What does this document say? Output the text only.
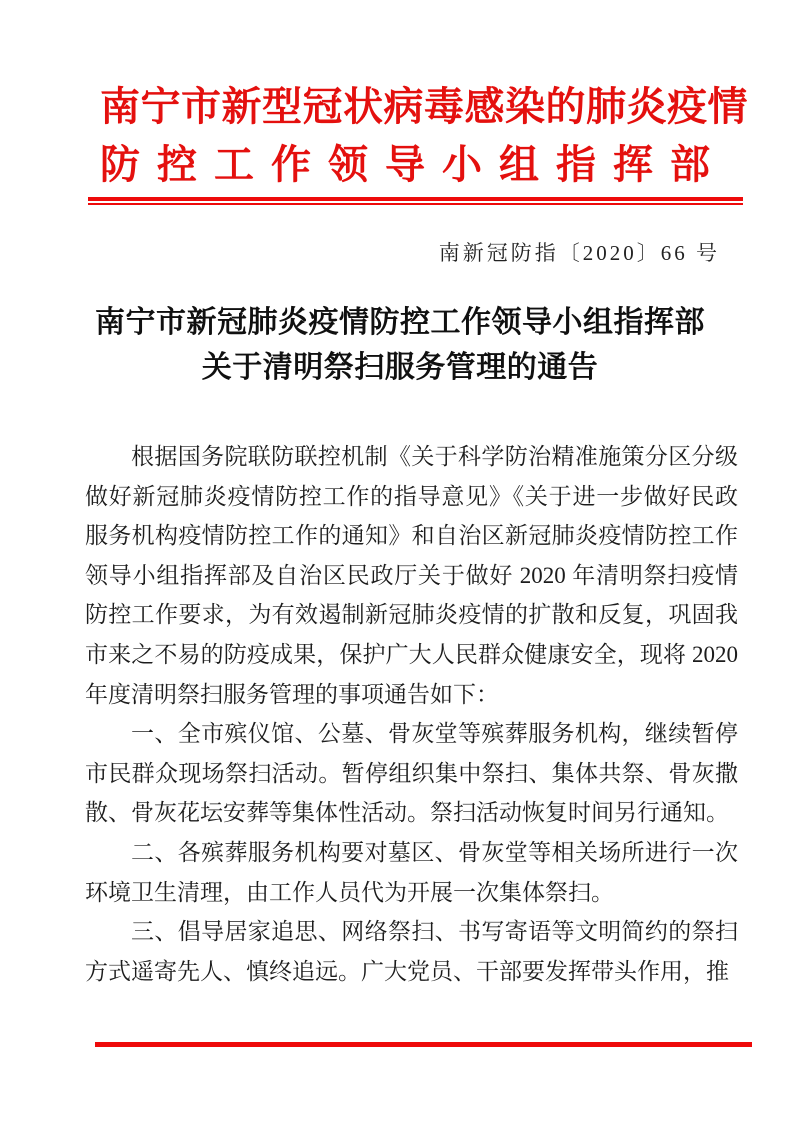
南宁市新型冠状病毒感染的肺炎疫情
防控工作领导小组指挥部
南新冠防指〔2020〕66 号
南宁市新冠肺炎疫情防控工作领导小组指挥部
关于清明祭扫服务管理的通告

根据国务院联防联控机制《关于科学防治精准施策分区分级做好新冠肺炎疫情防控工作的指导意见》《关于进一步做好民政服务机构疫情防控工作的通知》和自治区新冠肺炎疫情防控工作领导小组指挥部及自治区民政厅关于做好 2020 年清明祭扫疫情防控工作要求，为有效遏制新冠肺炎疫情的扩散和反复，巩固我市来之不易的防疫成果，保护广大人民群众健康安全，现将 2020 年度清明祭扫服务管理的事项通告如下：

一、全市殡仪馆、公墓、骨灰堂等殡葬服务机构，继续暂停市民群众现场祭扫活动。暂停组织集中祭扫、集体共祭、骨灰撒散、骨灰花坛安葬等集体性活动。祭扫活动恢复时间另行通知。

二、各殡葬服务机构要对墓区、骨灰堂等相关场所进行一次环境卫生清理，由工作人员代为开展一次集体祭扫。

三、倡导居家追思、网络祭扫、书写寄语等文明简约的祭扫方式遥寄先人、慎终追远。广大党员、干部要发挥带头作用，推
